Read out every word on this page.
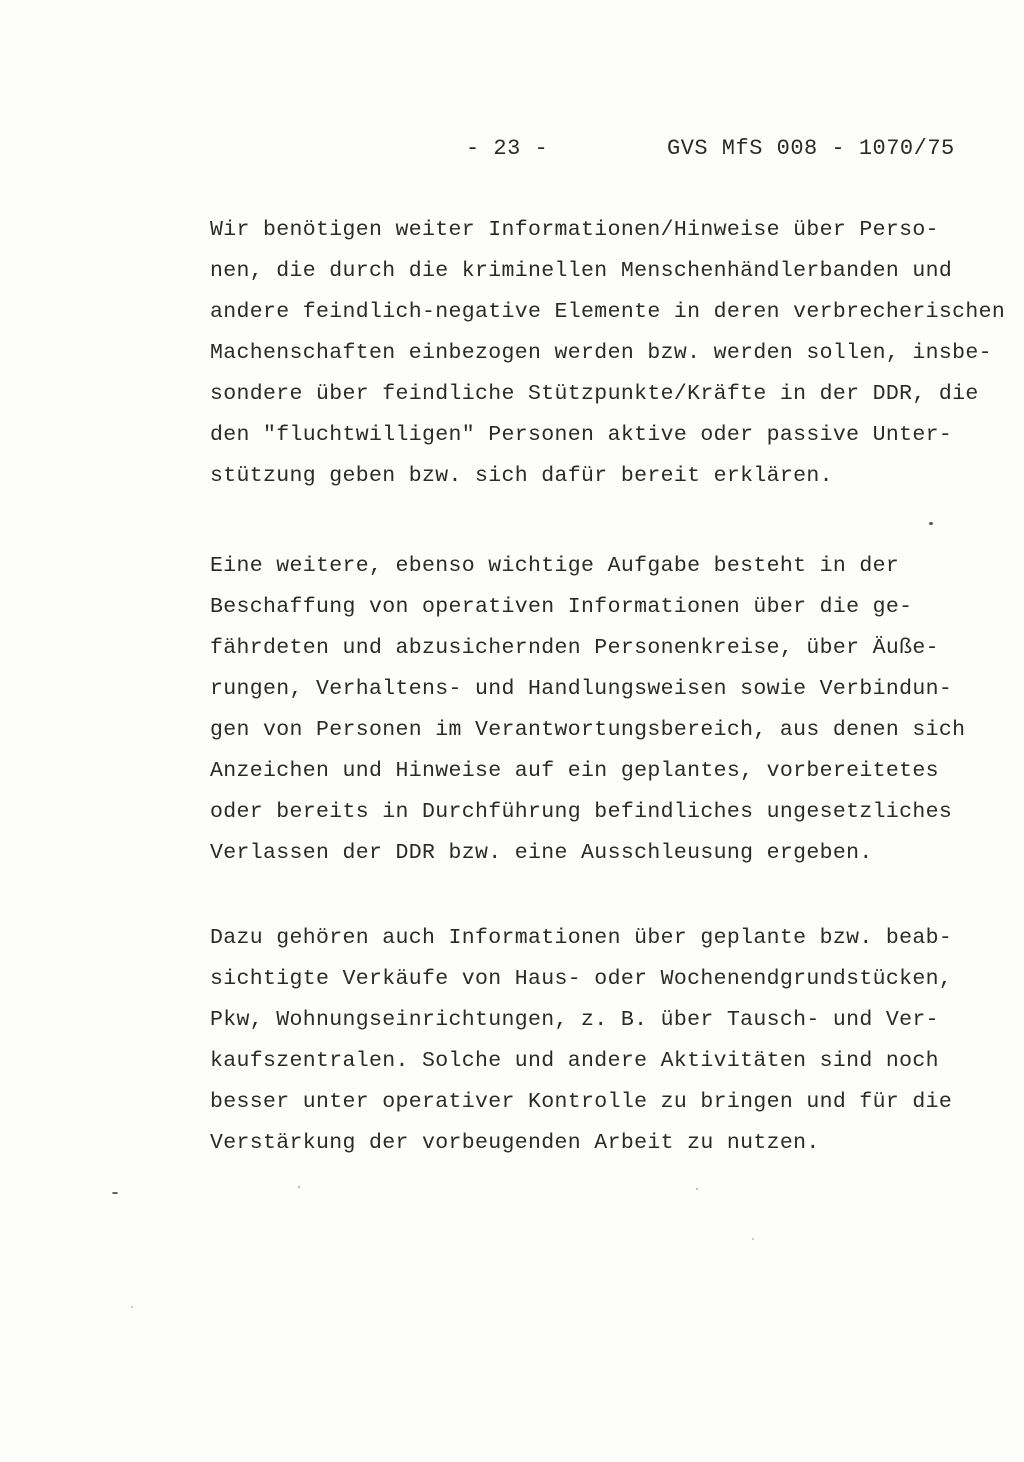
- 23 -	GVS MfS 008 - 1070/75
Wir benötigen weiter Informationen/Hinweise über Perso-
nen, die durch die kriminellen Menschenhändlerbanden und
andere feindlich-negative Elemente in deren verbrecherischen
Machenschaften einbezogen werden bzw. werden sollen, insbe-
sondere über feindliche Stützpunkte/Kräfte in der DDR, die
den "fluchtwilligen" Personen aktive oder passive Unter-
stützung geben bzw. sich dafür bereit erklären.
Eine weitere, ebenso wichtige Aufgabe besteht in der
Beschaffung von operativen Informationen über die ge-
fährdeten und abzusichernden Personenkreise, über Äuße-
rungen, Verhaltens- und Handlungsweisen sowie Verbindun-
gen von Personen im Verantwortungsbereich, aus denen sich
Anzeichen und Hinweise auf ein geplantes, vorbereitetes
oder bereits in Durchführung befindliches ungesetzliches
Verlassen der DDR bzw. eine Ausschleusung ergeben.
Dazu gehören auch Informationen über geplante bzw. beab-
sichtigte Verkäufe von Haus- oder Wochenendgrundstücken,
Pkw, Wohnungseinrichtungen, z. B. über Tausch- und Ver-
kaufszentralen. Solche und andere Aktivitäten sind noch
besser unter operativer Kontrolle zu bringen und für die
Verstärkung der vorbeugenden Arbeit zu nutzen.
